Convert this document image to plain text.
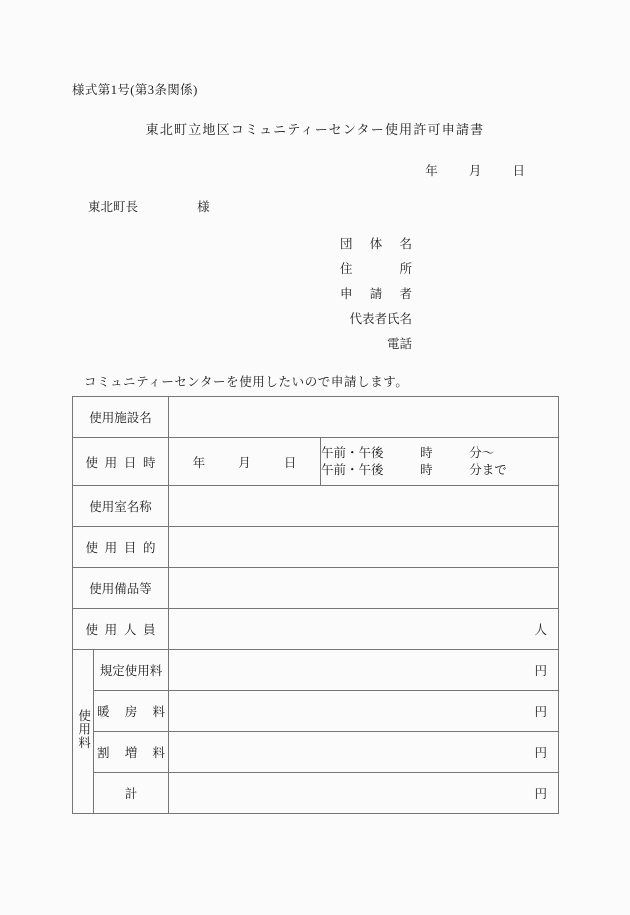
様式第1号(第3条関係)
東北町立地区コミュニティーセンター使用許可申請書
年 月 日
東北町長	様
団体名
住所
申請者
代表者氏名
電話
コミュニティーセンターを使用したいので申請します。
使用施設名			
使用日時		年 月 日	午前・午後 時 分〜
午前・午後 時 分まで

使用室名称			
使用目的			
使用備品等			
使用人員		人	
使用料	規定使用料	円	
	暖房料	円	
	割増料	円	
	計	円	
